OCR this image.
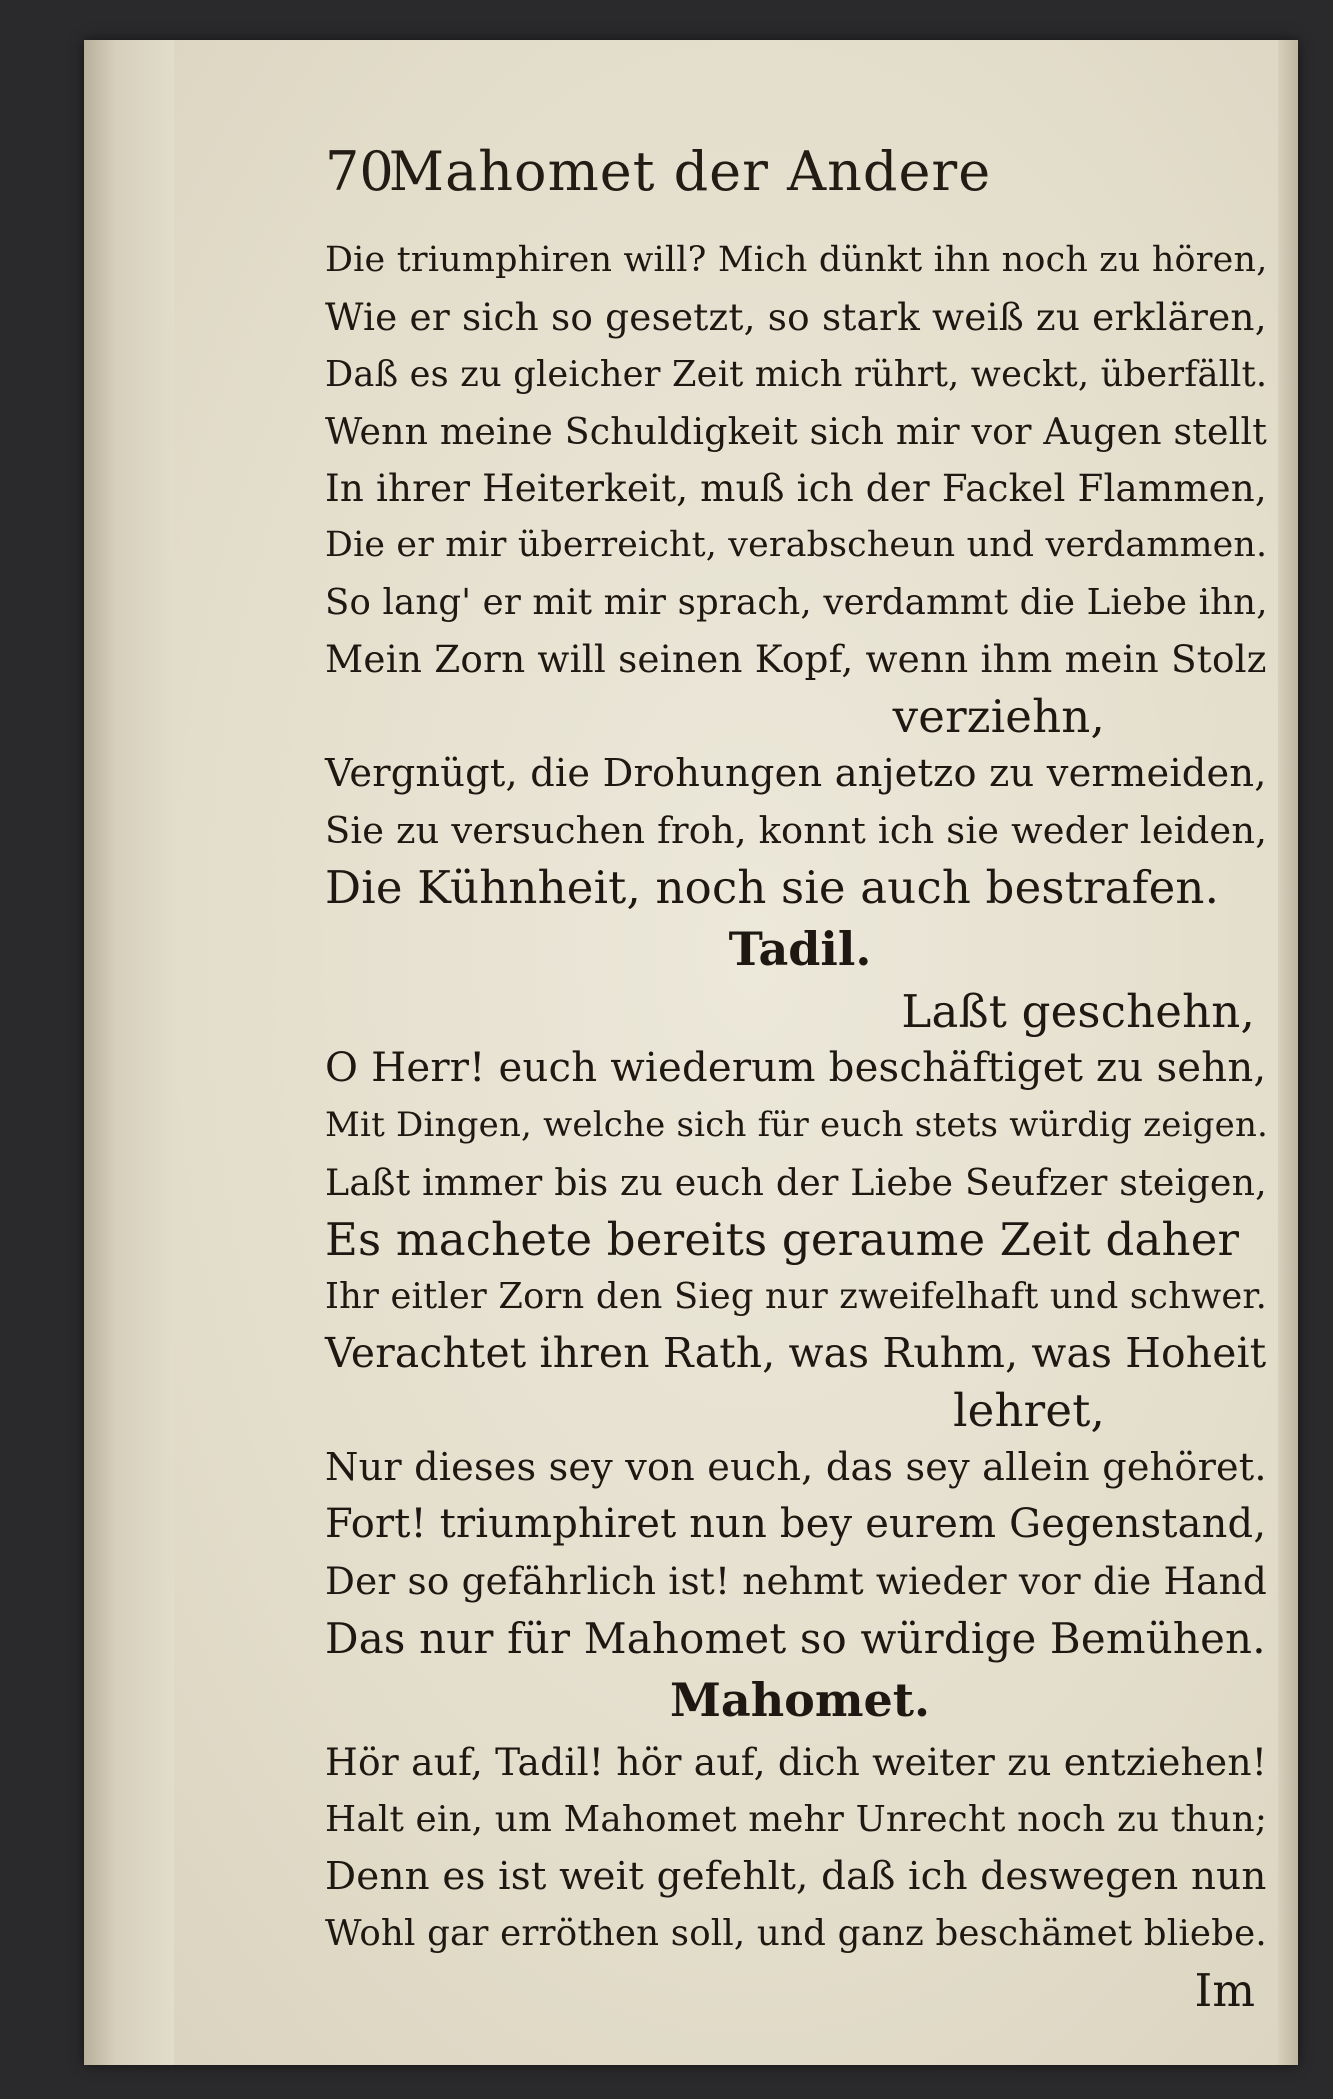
70
Mahomet der Andere
Die triumphiren will? Mich dünkt ihn noch zu hören,
Wie er sich so gesetzt, so stark weiß zu erklären,
Daß es zu gleicher Zeit mich rührt, weckt, überfällt.
Wenn meine Schuldigkeit sich mir vor Augen stellt
In ihrer Heiterkeit, muß ich der Fackel Flammen,
Die er mir überreicht, verabscheun und verdammen.
So lang' er mit mir sprach, verdammt die Liebe ihn,
Mein Zorn will seinen Kopf, wenn ihm mein Stolz
verziehn,
Vergnügt, die Drohungen anjetzo zu vermeiden,
Sie zu versuchen froh, konnt ich sie weder leiden,
Die Kühnheit, noch sie auch bestrafen.
Tadil.
Laßt geschehn,
O Herr! euch wiederum beschäftiget zu sehn,
Mit Dingen, welche sich für euch stets würdig zeigen.
Laßt immer bis zu euch der Liebe Seufzer steigen,
Es machete bereits geraume Zeit daher
Ihr eitler Zorn den Sieg nur zweifelhaft und schwer.
Verachtet ihren Rath, was Ruhm, was Hoheit
lehret,
Nur dieses sey von euch, das sey allein gehöret.
Fort! triumphiret nun bey eurem Gegenstand,
Der so gefährlich ist! nehmt wieder vor die Hand
Das nur für Mahomet so würdige Bemühen.
Mahomet.
Hör auf, Tadil! hör auf, dich weiter zu entziehen!
Halt ein, um Mahomet mehr Unrecht noch zu thun;
Denn es ist weit gefehlt, daß ich deswegen nun
Wohl gar erröthen soll, und ganz beschämet bliebe.
Im
